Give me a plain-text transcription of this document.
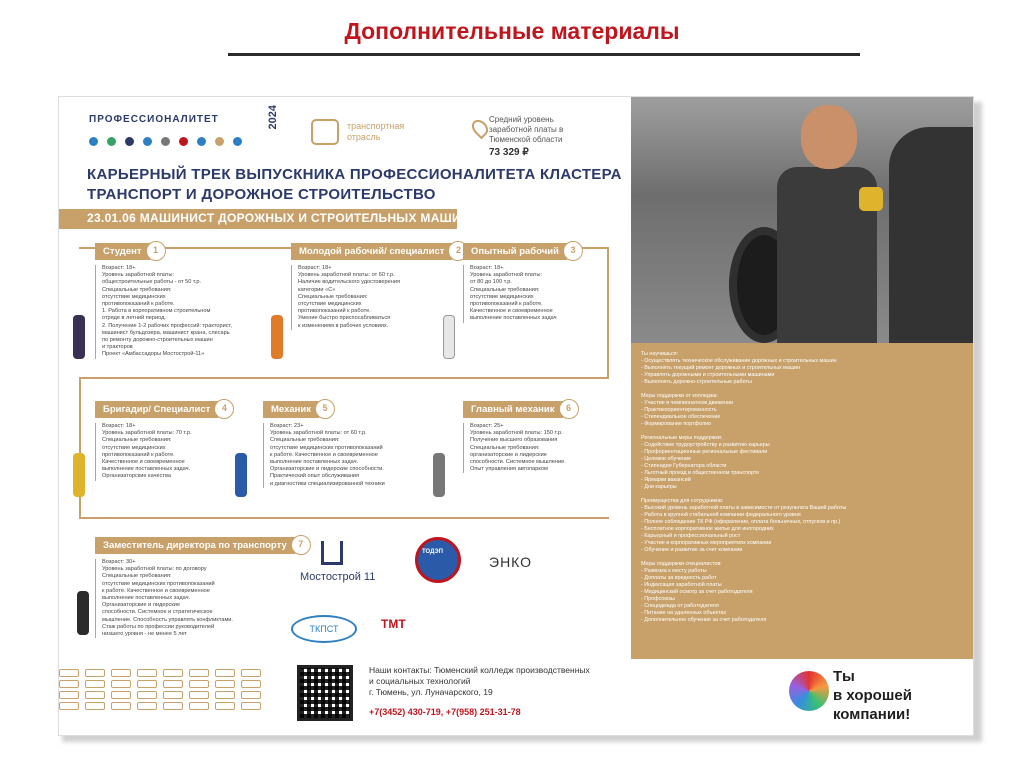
Дополнительные материалы
ПРОФЕССИОНАЛИТЕТ	2024	транспортная отрасль
Средний уровень заработной платы в Тюменской области
73 329 ₽
КАРЬЕРНЫЙ ТРЕК ВЫПУСКНИКА ПРОФЕССИОНАЛИТЕТА КЛАСТЕРА ТРАНСПОРТ И ДОРОЖНОЕ СТРОИТЕЛЬСТВО
23.01.06 МАШИНИСТ ДОРОЖНЫХ И СТРОИТЕЛЬНЫХ МАШИН
Студент	1
Возраст: 18+
Уровень заработной платы:
общестроительные работы - от 50 т.р.
Специальные требования:
отсутствие медицинских
противопоказаний к работе.
1. Работа в корпоративном строительном
отряде в летний период.
2. Получение 1-2 рабочих профессий: тракторист,
машинист бульдозера, машинист крана, слесарь
по ремонту дорожно-строительных машин
и тракторов
Проект «Амбассадоры Мостострой-11»
Молодой рабочий/ специалист	2
Возраст: 18+
Уровень заработной платы: от 60 т.р.
Наличие водительского удостоверения
категории «С»
Специальные требования:
отсутствие медицинских
противопоказаний к работе.
Умение быстро приспосабливаться
к изменениям в рабочих условиях.
Опытный рабочий	3
Возраст: 18+
Уровень заработной платы:
от 80 до 100 т.р.
Специальные требования:
отсутствие медицинских
противопоказаний к работе.
Качественное и своевременное
выполнение поставленных задач
Бригадир/ Специалист	4
Возраст: 18+
Уровень заработной платы: 70 т.р.
Специальные требования:
отсутствие медицинских
противопоказаний к работе.
Качественное и своевременное
выполнение поставленных задач.
Организаторские качества
Механик	5
Возраст: 23+
Уровень заработной платы: от 60 т.р.
Специальные требования:
отсутствие медицинских противопоказаний
к работе. Качественное и своевременное
выполнение поставленных задач.
Организаторские и лидерские способности.
Практический опыт обслуживания
и диагностики специализированной техники
Главный механик	6
Возраст: 25+
Уровень заработной платы: 150 т.р.
Получение высшего образования
Специальные требования:
организаторские и лидерские
способности. Системное мышление.
Опыт управления автопарком
Заместитель директора по транспорту	7
Возраст: 30+
Уровень заработной платы: по договору
Специальные требования:
отсутствие медицинских противопоказаний
к работе. Качественное и своевременное
выполнение поставленных задач.
Организаторские и лидерские
способности. Системное и стратегическое
мышление. Способность управлять конфликтами.
Стаж работы по профессии руководителей
низшего уровня - не менее 5 лет
Мостострой 11
ТОДЭП
ЭНКО
ТКПСТ	ТМТ
Наши контакты: Тюменский колледж производственных
и социальных технологий
г. Тюмень, ул. Луначарского, 19
+7(3452) 430-719, +7(958) 251-31-78
Ты научишься:
- Осуществлять техническое обслуживание дорожных и строительных машин
- Выполнять текущий ремонт дорожных и строительных машин
- Управлять дорожными и строительными машинами
- Выполнять дорожно-строительные работы

Меры поддержки от колледжа:
- Участие в чемпионатном движении
- Практикоориентированность
- Стипендиальное обеспечение
- Формирование портфолио

Региональные меры поддержки:
- Содействие трудоустройству и развитию карьеры
- Профориентационные региональные фестивали
- Целевое обучение
- Стипендия Губернатора области
- Льготный проезд в общественном транспорте
- Ярмарки вакансий
- Дни карьеры

Преимущества для сотрудников:
- Высокий уровень заработной платы в зависимости от результата Вашей работы
- Работа в крупной стабильной компании федерального уровня
- Полное соблюдение ТК РФ (оформление, оплата больничных, отпусков и пр.)
- Бесплатное корпоративное жилье для иногородних
- Карьерный и профессиональный рост
- Участие в корпоративных мероприятиях компании
- Обучение и развитие за счет компании

Меры поддержки специалистов:
- Развозка к месту работы
- Доплаты за вредность работ
- Индексация заработной платы
- Медицинский осмотр за счет работодателя
- Профсоюзы
- Спецодежда от работодателя
- Питание на удаленных объектах
- Дополнительное обучение за счет работодателя
Ты
в хорошей
компании!
